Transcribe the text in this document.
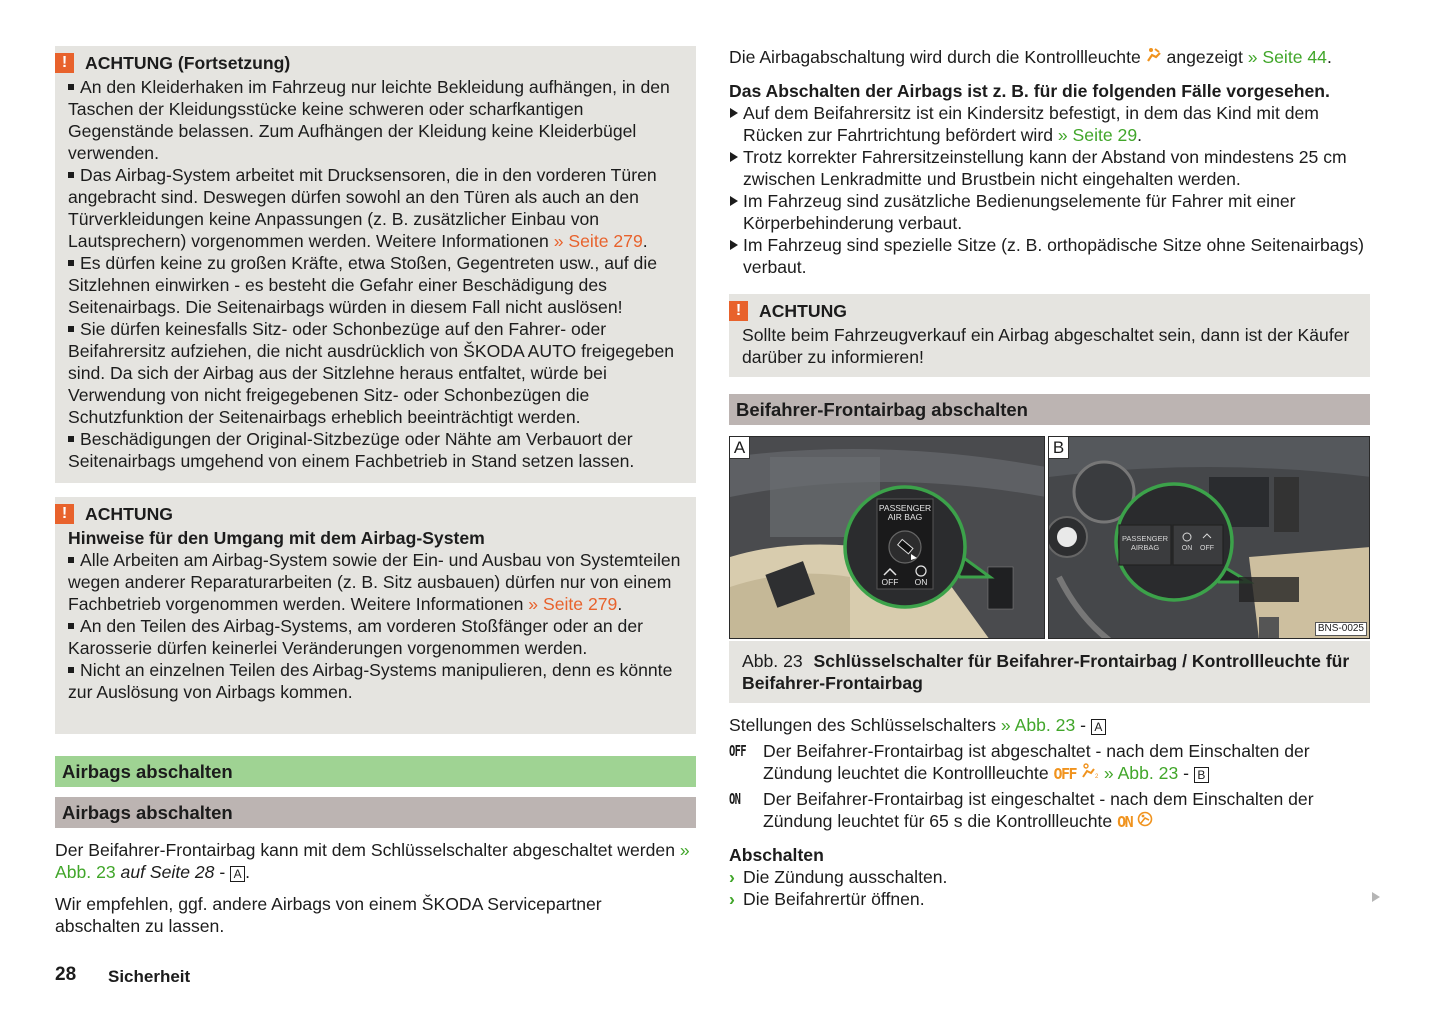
!	ACHTUNG (Fortsetzung)
An den Kleiderhaken im Fahrzeug nur leichte Bekleidung aufhängen, in den Taschen der Kleidungsstücke keine schweren oder scharfkantigen Gegenstände belassen. Zum Aufhängen der Kleidung keine Kleiderbügel verwenden.
Das Airbag-System arbeitet mit Drucksensoren, die in den vorderen Türen angebracht sind. Deswegen dürfen sowohl an den Türen als auch an den Türverkleidungen keine Anpassungen (z. B. zusätzlicher Einbau von Lautsprechern) vorgenommen werden. Weitere Informationen » Seite 279.
Es dürfen keine zu großen Kräfte, etwa Stoßen, Gegentreten usw., auf die Sitzlehnen einwirken - es besteht die Gefahr einer Beschädigung des Seitenairbags. Die Seitenairbags würden in diesem Fall nicht auslösen!
Sie dürfen keinesfalls Sitz- oder Schonbezüge auf den Fahrer- oder Beifahrersitz aufziehen, die nicht ausdrücklich von ŠKODA AUTO freigegeben sind. Da sich der Airbag aus der Sitzlehne heraus entfaltet, würde bei Verwendung von nicht freigegebenen Sitz- oder Schonbezügen die Schutzfunktion der Seitenairbags erheblich beeinträchtigt werden.
Beschädigungen der Original-Sitzbezüge oder Nähte am Verbauort der Seitenairbags umgehend von einem Fachbetrieb in Stand setzen lassen.
!	ACHTUNG
Hinweise für den Umgang mit dem Airbag-System
Alle Arbeiten am Airbag-System sowie der Ein- und Ausbau von Systemteilen wegen anderer Reparaturarbeiten (z. B. Sitz ausbauen) dürfen nur von einem Fachbetrieb vorgenommen werden. Weitere Informationen » Seite 279.
An den Teilen des Airbag-Systems, am vorderen Stoßfänger oder an der Karosserie dürfen keinerlei Veränderungen vorgenommen werden.
Nicht an einzelnen Teilen des Airbag-Systems manipulieren, denn es könnte zur Auslösung von Airbags kommen.
Airbags abschalten
Airbags abschalten
Der Beifahrer-Frontairbag kann mit dem Schlüsselschalter abgeschaltet werden » Abb. 23 auf Seite 28 - A .
Wir empfehlen, ggf. andere Airbags von einem ŠKODA Servicepartner abschalten zu lassen.
28 Sicherheit
Die Airbagabschaltung wird durch die Kontrollleuchte angezeigt » Seite 44.
Das Abschalten der Airbags ist z. B. für die folgenden Fälle vorgesehen.
Auf dem Beifahrersitz ist ein Kindersitz befestigt, in dem das Kind mit dem Rücken zur Fahrtrichtung befördert wird » Seite 29.
Trotz korrekter Fahrersitzeinstellung kann der Abstand von mindestens 25 cm zwischen Lenkradmitte und Brustbein nicht eingehalten werden.
Im Fahrzeug sind zusätzliche Bedienungselemente für Fahrer mit einer Körperbehinderung verbaut.
Im Fahrzeug sind spezielle Sitze (z. B. orthopädische Sitze ohne Seitenairbags) verbaut.
!	ACHTUNG
Sollte beim Fahrzeugverkauf ein Airbag abgeschaltet sein, dann ist der Käufer darüber zu informieren!
Beifahrer-Frontairbag abschalten
A
PASSENGER
AIR BAG
OFF ON
B
PASSENGER
AIRBAG	ON OFF
BNS-0025
Abb. 23 Schlüsselschalter für Beifahrer-Frontairbag / Kontrollleuchte für Beifahrer-Frontairbag
Stellungen des Schlüsselschalters » Abb. 23 - A
OFF Der Beifahrer-Frontairbag ist abgeschaltet - nach dem Einschalten der Zündung leuchtet die Kontrollleuchte OFF	2 » Abb. 23 - B
ON	Der Beifahrer-Frontairbag ist eingeschaltet - nach dem Einschalten der Zündung leuchtet für 65 s die Kontrollleuchte ON
Abschalten
› Die Zündung ausschalten.
› Die Beifahrertür öffnen.
